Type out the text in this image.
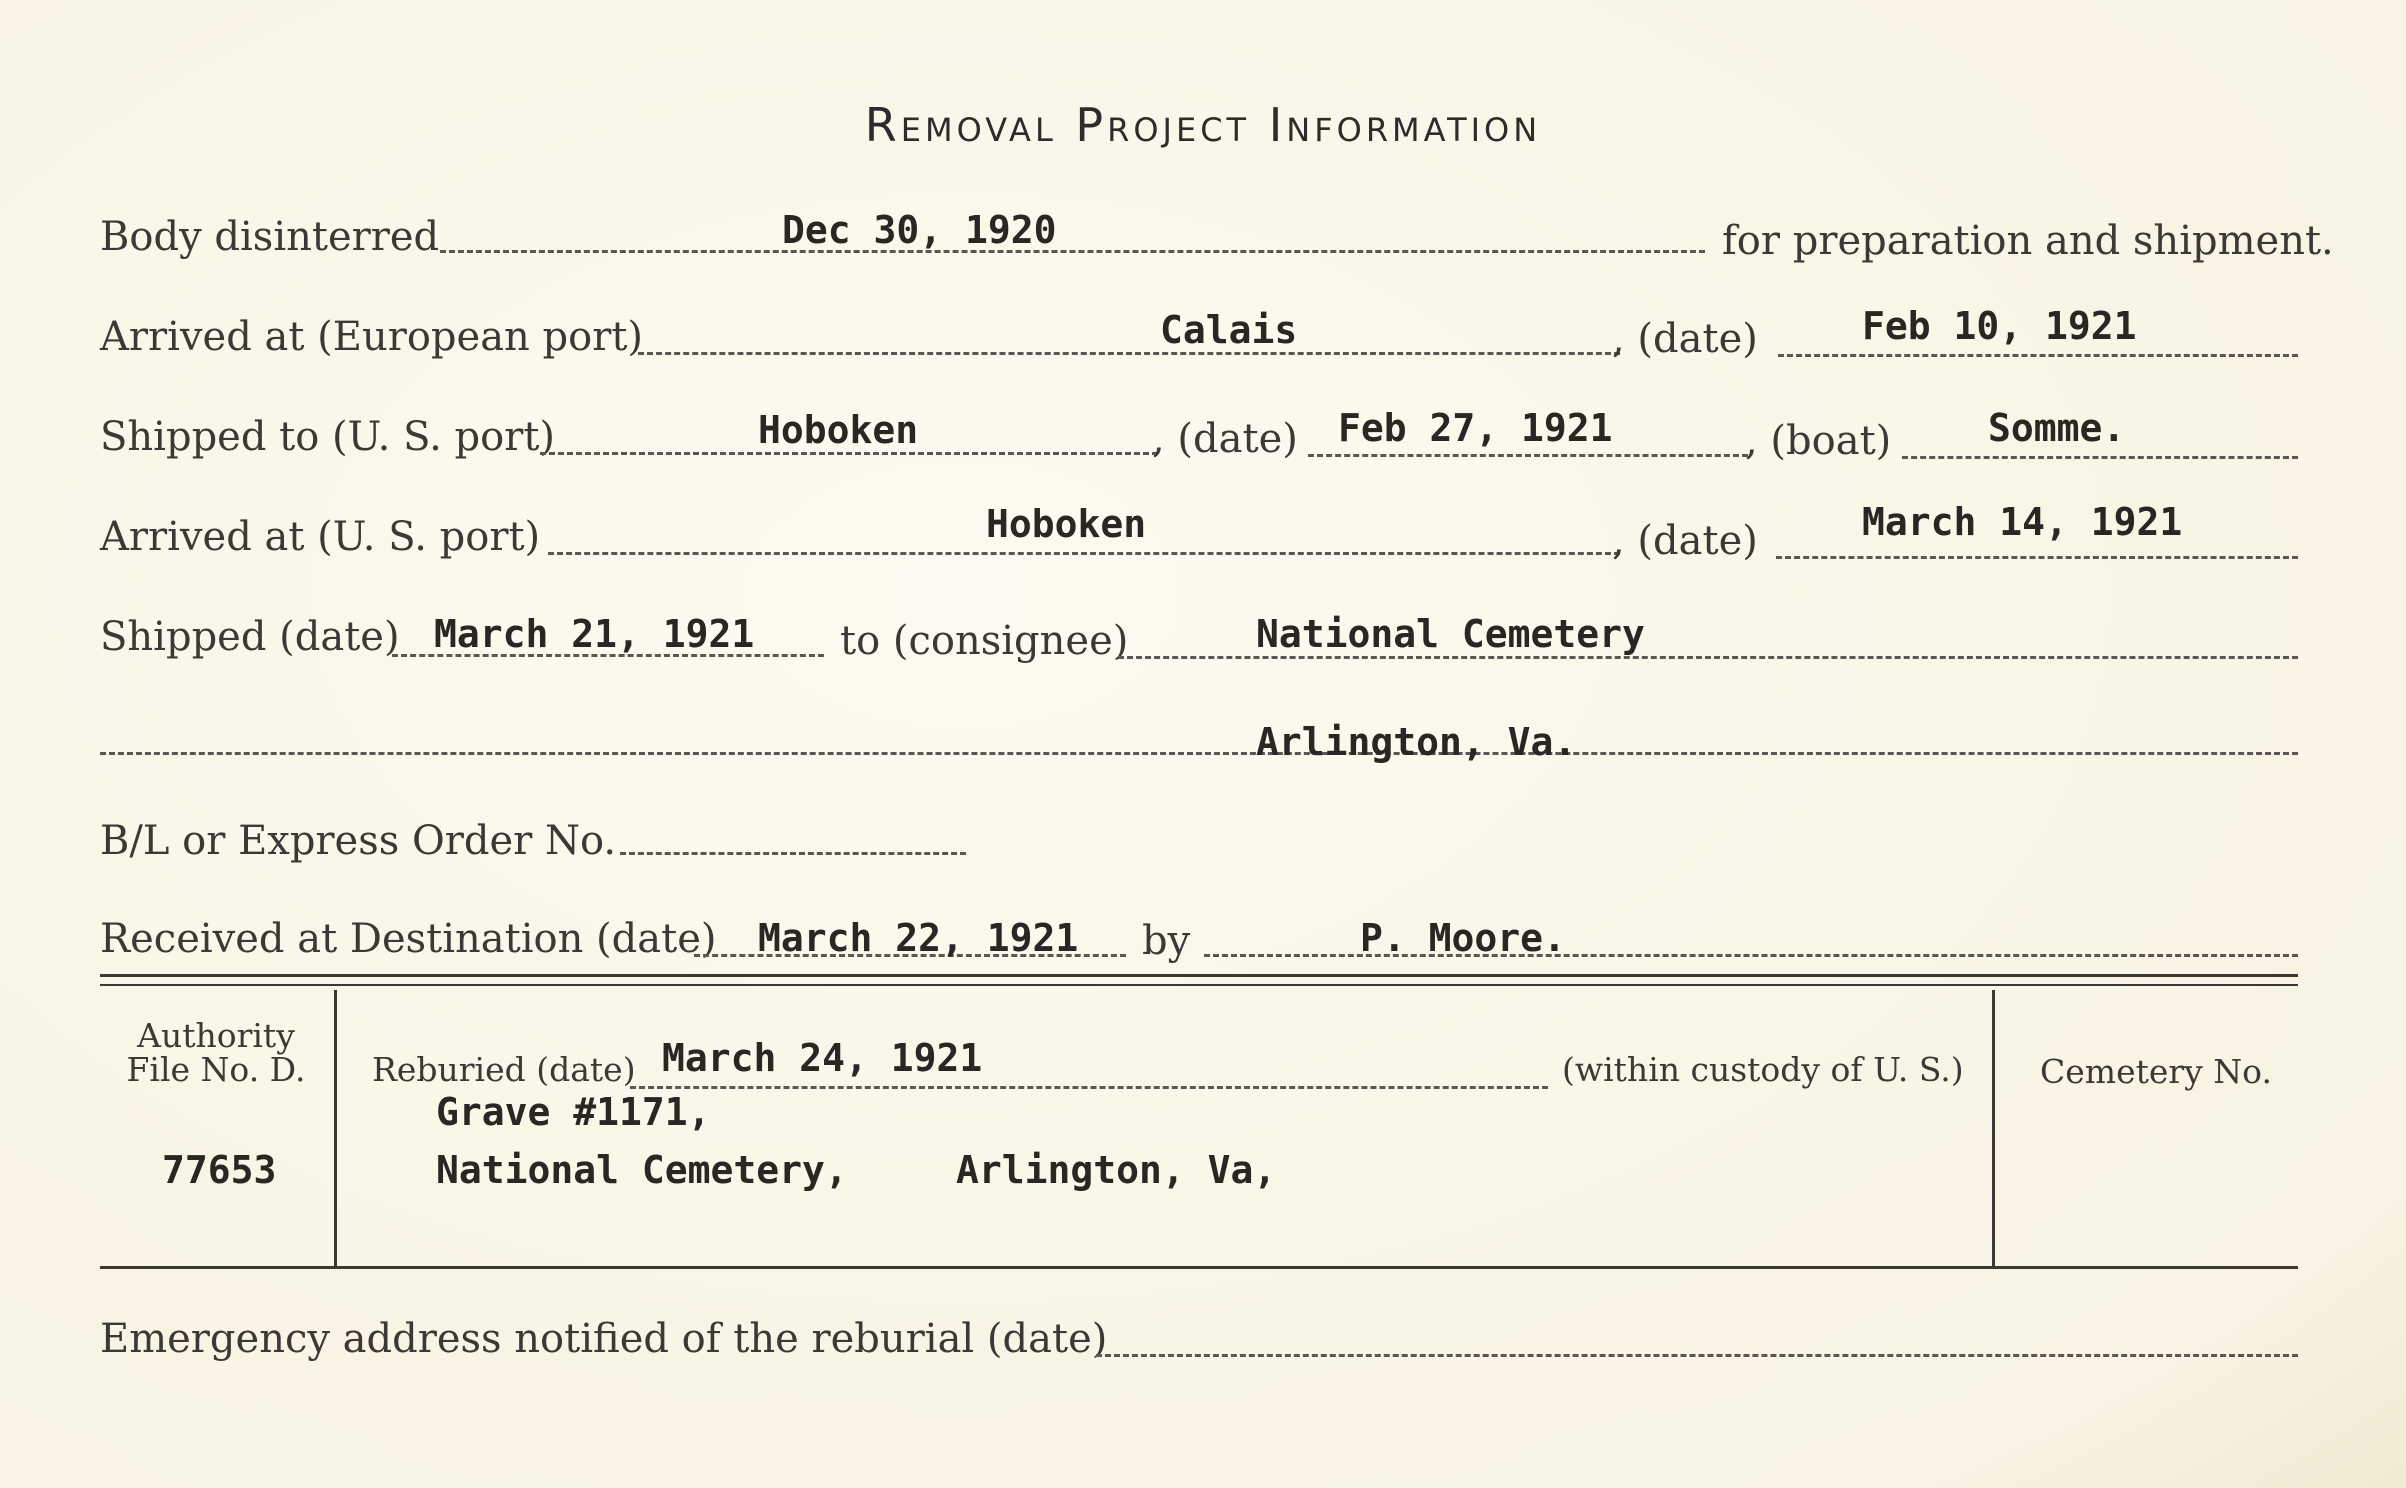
Removal Project Information
Body disinterred	Dec 30, 1920	for preparation and shipment.
Arrived at (European port)	Calais	, (date)	Feb 10, 1921
Shipped to (U. S. port)	Hoboken	, (date) Feb 27, 1921	, (boat)	Somme.
Arrived at (U. S. port)	Hoboken	, (date)	March 14, 1921
Shipped (date) March 21, 1921 to (consignee)	National Cemetery
Arlington, Va.
B/L or Express Order No.
Received at Destination (date) March 22, 1921 by	P. Moore.
Authority
File No. D.
77653
Reburied (date) March 24, 1921	(within custody of U. S.)
Grave #1171,
National Cemetery,	Arlington, Va,
Cemetery No.
Emergency address notified of the reburial (date)
